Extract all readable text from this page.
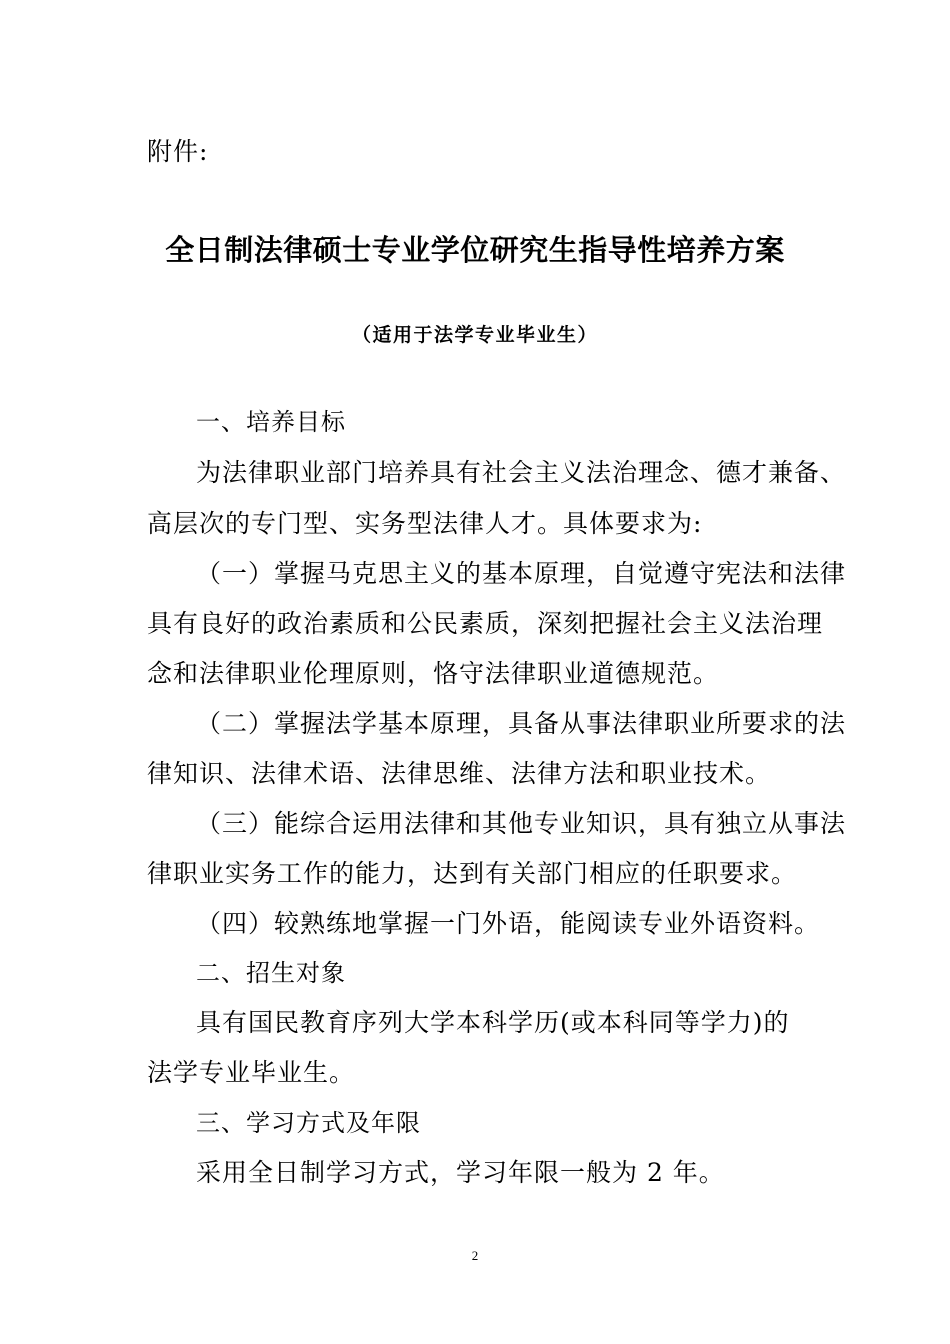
附件:
全日制法律硕士专业学位研究生指导性培养方案
（适用于法学专业毕业生）
一、培养目标
为法律职业部门培养具有社会主义法治理念、德才兼备、
高层次的专门型、实务型法律人才。具体要求为:
（一）掌握马克思主义的基本原理，自觉遵守宪法和法律
具有良好的政治素质和公民素质，深刻把握社会主义法治理
念和法律职业伦理原则，恪守法律职业道德规范。
（二）掌握法学基本原理，具备从事法律职业所要求的法
律知识、法律术语、法律思维、法律方法和职业技术。
（三）能综合运用法律和其他专业知识，具有独立从事法
律职业实务工作的能力，达到有关部门相应的任职要求。
（四）较熟练地掌握一门外语，能阅读专业外语资料。
二、招生对象
具有国民教育序列大学本科学历(或本科同等学力)的
法学专业毕业生。
三、学习方式及年限
采用全日制学习方式，学习年限一般为 2 年。
2
